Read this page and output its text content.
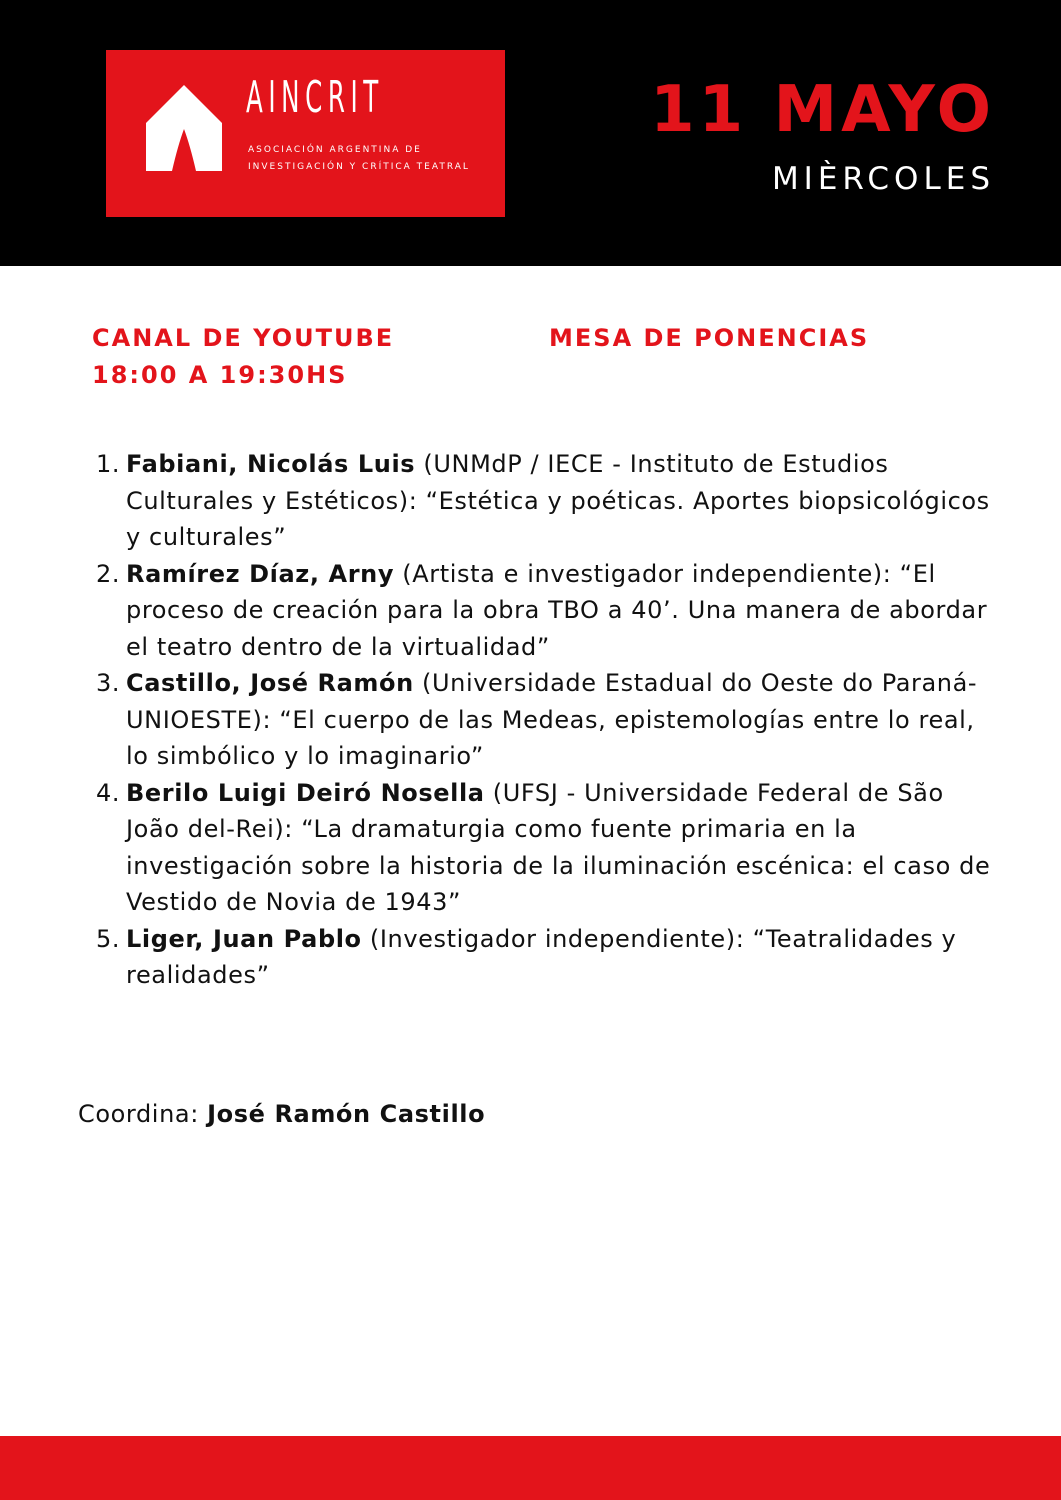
AINCRIT
ASOCIACIÓN ARGENTINA DE
INVESTIGACIÓN Y CRÍTICA TEATRAL
11 MAYO
MIÈRCOLES
CANAL DE YOUTUBE
18:00 A 19:30HS
MESA DE PONENCIAS
1. Fabiani, Nicolás Luis (UNMdP / IECE - Instituto de Estudios Culturales y Estéticos): “Estética y poéticas. Aportes biopsicológicos y culturales”
2. Ramírez Díaz, Arny (Artista e investigador independiente): “El proceso de creación para la obra TBO a 40’. Una manera de abordar el teatro dentro de la virtualidad”
3. Castillo, José Ramón (Universidade Estadual do Oeste do Paraná-UNIOESTE): “El cuerpo de las Medeas, epistemologías entre lo real, lo simbólico y lo imaginario”
4. Berilo Luigi Deiró Nosella (UFSJ - Universidade Federal de São João del-Rei): “La dramaturgia como fuente primaria en la investigación sobre la historia de la iluminación escénica: el caso de Vestido de Novia de 1943”
5. Liger, Juan Pablo (Investigador independiente): “Teatralidades y realidades”
Coordina: José Ramón Castillo
